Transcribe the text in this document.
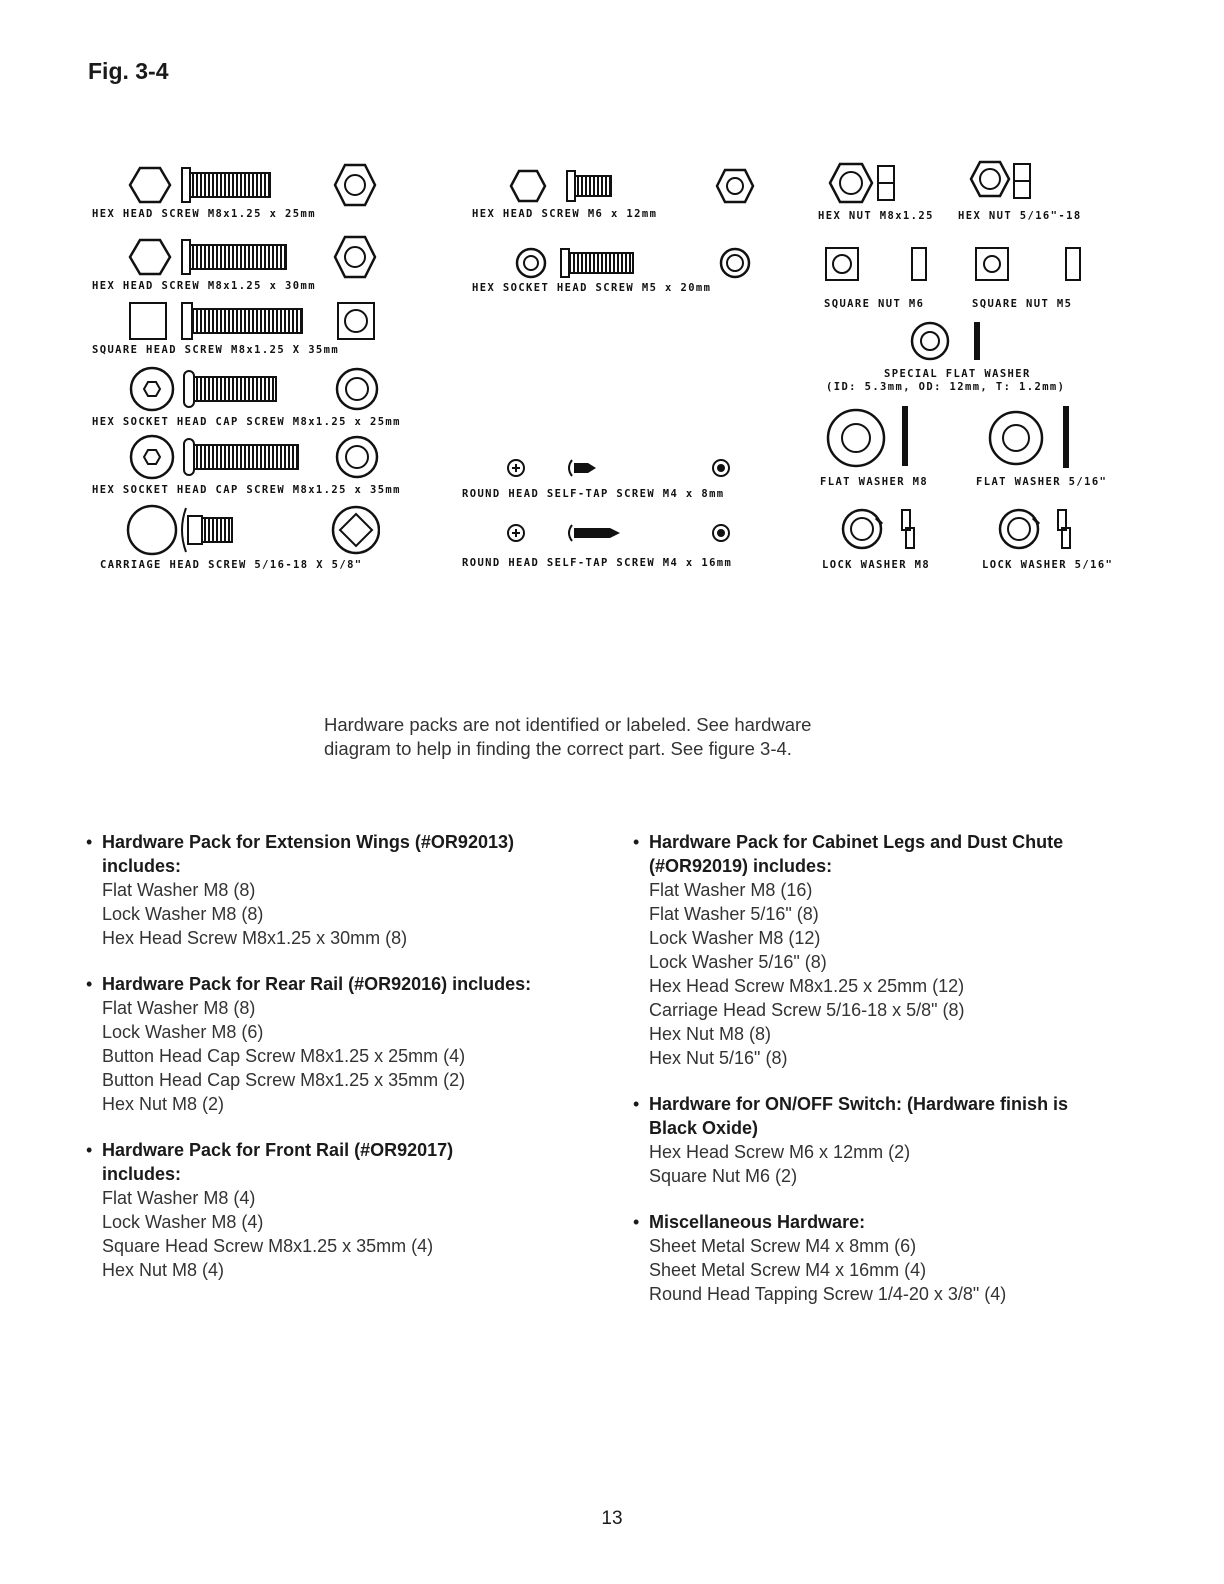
Fig. 3-4
HEX HEAD SCREW M8x1.25 x 25mm
HEX HEAD SCREW M8x1.25 x 30mm
SQUARE HEAD SCREW M8x1.25 X 35mm
HEX SOCKET HEAD CAP SCREW M8x1.25 x 25mm
HEX SOCKET HEAD CAP SCREW M8x1.25 x 35mm
CARRIAGE HEAD SCREW 5/16-18 X 5/8"
HEX HEAD SCREW M6 x 12mm
HEX SOCKET HEAD SCREW M5 x 20mm
ROUND HEAD SELF-TAP SCREW M4 x 8mm
ROUND HEAD SELF-TAP SCREW M4 x 16mm
HEX NUT M8x1.25 HEX NUT 5/16"-18
SQUARE NUT M6	SQUARE NUT M5
SPECIAL FLAT WASHER
(ID: 5.3mm, OD: 12mm, T: 1.2mm)
FLAT WASHER M8	FLAT WASHER 5/16"
LOCK WASHER M8	LOCK WASHER 5/16"
Hardware packs are not identified or labeled. See hardware
diagram to help in finding the correct part. See figure 3-4.
• Hardware Pack for Extension Wings (#OR92013)
includes:
Flat Washer M8 (8)
Lock Washer M8 (8)
Hex Head Screw M8x1.25 x 30mm (8)
• Hardware Pack for Rear Rail (#OR92016) includes:
Flat Washer M8 (8)
Lock Washer M8 (6)
Button Head Cap Screw M8x1.25 x 25mm (4)
Button Head Cap Screw M8x1.25 x 35mm (2)
Hex Nut M8 (2)
• Hardware Pack for Front Rail (#OR92017)
includes:
Flat Washer M8 (4)
Lock Washer M8 (4)
Square Head Screw M8x1.25 x 35mm (4)
Hex Nut M8 (4)
• Hardware Pack for Cabinet Legs and Dust Chute
(#OR92019) includes:
Flat Washer M8 (16)
Flat Washer 5/16" (8)
Lock Washer M8 (12)
Lock Washer 5/16" (8)
Hex Head Screw M8x1.25 x 25mm (12)
Carriage Head Screw 5/16-18 x 5/8" (8)
Hex Nut M8 (8)
Hex Nut 5/16" (8)
• Hardware for ON/OFF Switch: (Hardware finish is
Black Oxide)
Hex Head Screw M6 x 12mm (2)
Square Nut M6 (2)
• Miscellaneous Hardware:
Sheet Metal Screw M4 x 8mm (6)
Sheet Metal Screw M4 x 16mm (4)
Round Head Tapping Screw 1/4-20 x 3/8" (4)
13
